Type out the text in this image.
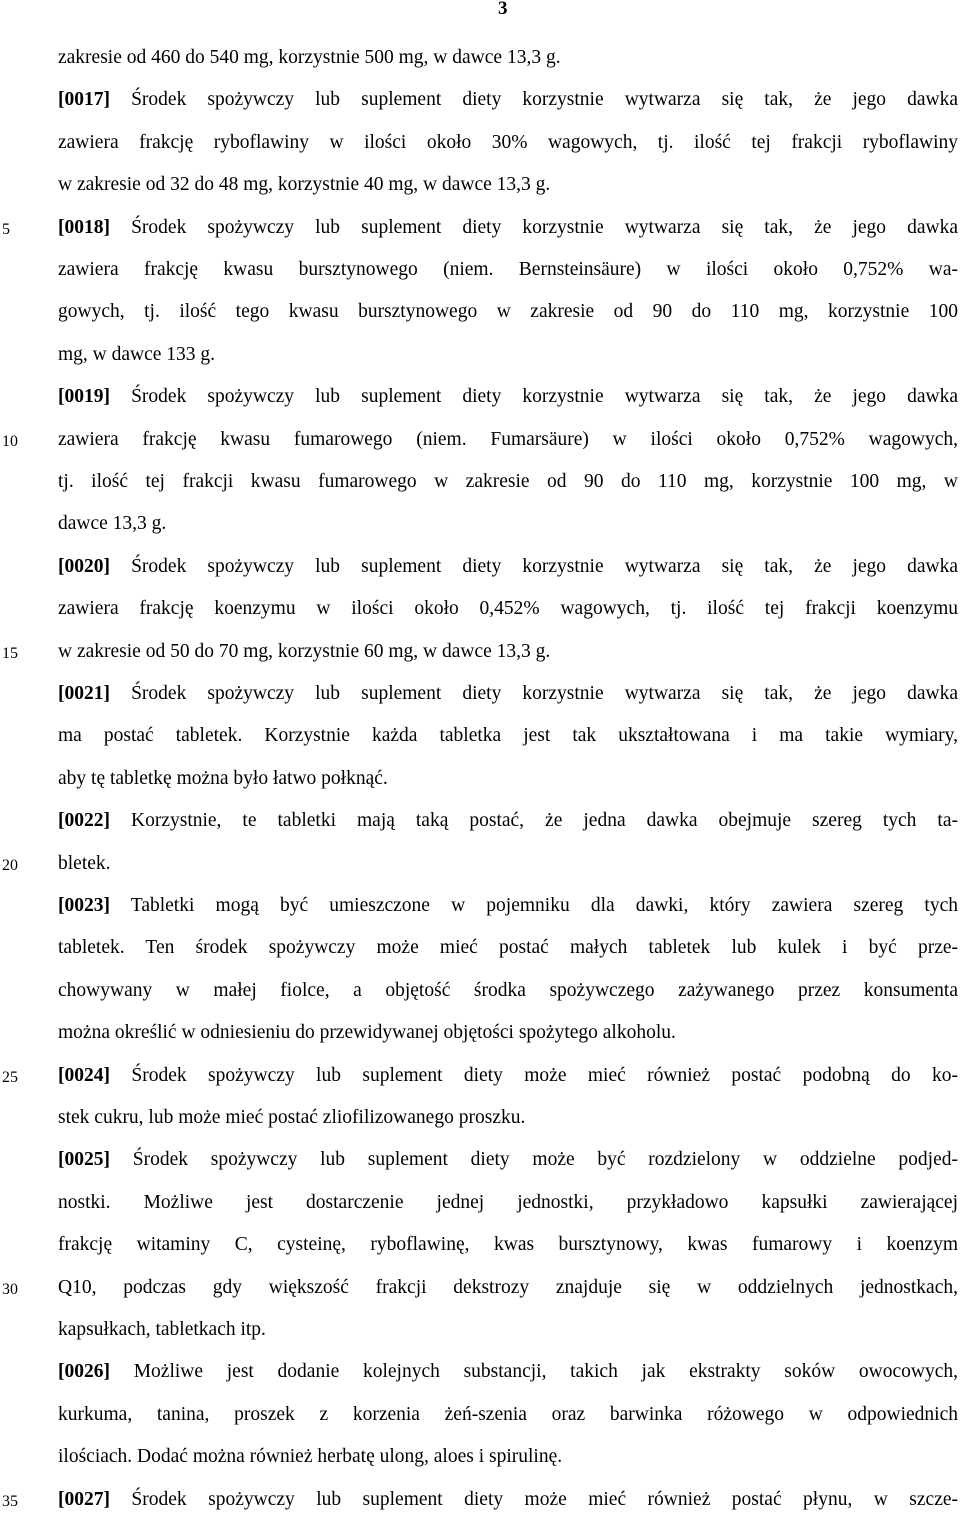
3
5
10
15
20
25
30
35
zakresie od 460 do 540 mg, korzystnie 500 mg, w dawce 13,3 g.
[0017] Środek spożywczy lub suplement diety korzystnie wytwarza się tak, że jego dawka
zawiera frakcję ryboflawiny w ilości około 30% wagowych, tj. ilość tej frakcji ryboflawiny
w zakresie od 32 do 48 mg, korzystnie 40 mg, w dawce 13,3 g.
[0018] Środek spożywczy lub suplement diety korzystnie wytwarza się tak, że jego dawka
zawiera frakcję kwasu bursztynowego (niem. Bernsteinsäure) w ilości około 0,752% wa-
gowych, tj. ilość tego kwasu bursztynowego w zakresie od 90 do 110 mg, korzystnie 100
mg, w dawce 133 g.
[0019] Środek spożywczy lub suplement diety korzystnie wytwarza się tak, że jego dawka
zawiera frakcję kwasu fumarowego (niem. Fumarsäure) w ilości około 0,752% wagowych,
tj. ilość tej frakcji kwasu fumarowego w zakresie od 90 do 110 mg, korzystnie 100 mg, w
dawce 13,3 g.
[0020] Środek spożywczy lub suplement diety korzystnie wytwarza się tak, że jego dawka
zawiera frakcję koenzymu w ilości około 0,452% wagowych, tj. ilość tej frakcji koenzymu
w zakresie od 50 do 70 mg, korzystnie 60 mg, w dawce 13,3 g.
[0021] Środek spożywczy lub suplement diety korzystnie wytwarza się tak, że jego dawka
ma postać tabletek. Korzystnie każda tabletka jest tak ukształtowana i ma takie wymiary,
aby tę tabletkę można było łatwo połknąć.
[0022] Korzystnie, te tabletki mają taką postać, że jedna dawka obejmuje szereg tych ta-
bletek.
[0023] Tabletki mogą być umieszczone w pojemniku dla dawki, który zawiera szereg tych
tabletek. Ten środek spożywczy może mieć postać małych tabletek lub kulek i być prze-
chowywany w małej fiolce, a objętość środka spożywczego zażywanego przez konsumenta
można określić w odniesieniu do przewidywanej objętości spożytego alkoholu.
[0024] Środek spożywczy lub suplement diety może mieć również postać podobną do ko-
stek cukru, lub może mieć postać zliofilizowanego proszku.
[0025] Środek spożywczy lub suplement diety może być rozdzielony w oddzielne podjed-
nostki. Możliwe jest dostarczenie jednej jednostki, przykładowo kapsułki zawierającej
frakcję witaminy C, cysteinę, ryboflawinę, kwas bursztynowy, kwas fumarowy i koenzym
Q10, podczas gdy większość frakcji dekstrozy znajduje się w oddzielnych jednostkach,
kapsułkach, tabletkach itp.
[0026] Możliwe jest dodanie kolejnych substancji, takich jak ekstrakty soków owocowych,
kurkuma, tanina, proszek z korzenia żeń-szenia oraz barwinka różowego w odpowiednich
ilościach. Dodać można również herbatę ulong, aloes i spirulinę.
[0027] Środek spożywczy lub suplement diety może mieć również postać płynu, w szcze-
